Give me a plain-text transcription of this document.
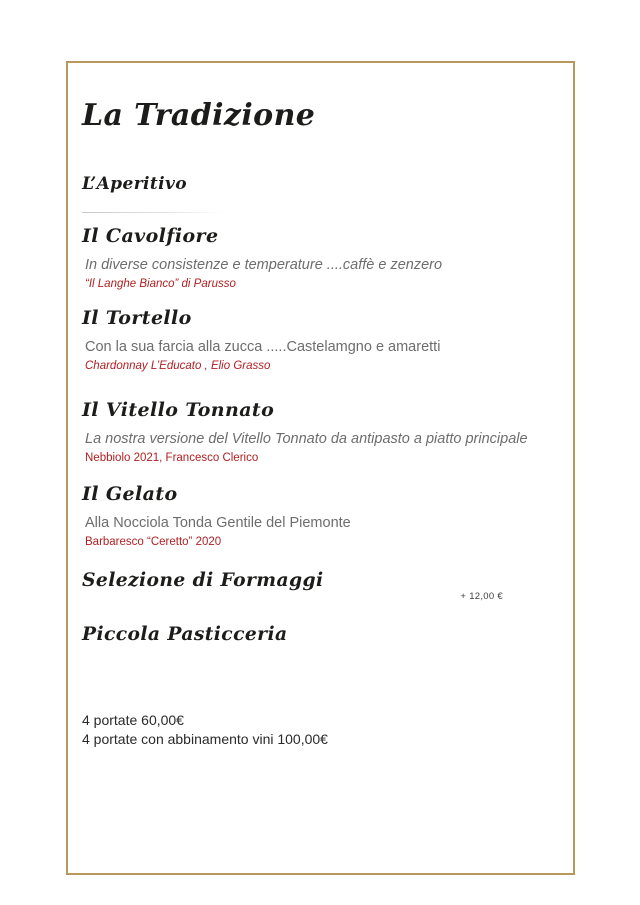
La Tradizione
L’Aperitivo
Il Cavolfiore

In diverse consistenze e temperature ....caffè e zenzero

“Il Langhe Bianco” di Parusso

Il Tortello

Con la sua farcia alla zucca .....Castelamgno e amaretti

Chardonnay L’Educato , Elio Grasso

Il Vitello Tonnato

La nostra versione del Vitello Tonnato da antipasto a piatto principale

Nebbiolo 2021, Francesco Clerico

Il Gelato

Alla Nocciola Tonda Gentile del Piemonte

Barbaresco “Ceretto” 2020

Selezione di Formaggi
+ 12,00 €
Piccola Pasticceria

4 portate 60,00€

4 portate con abbinamento vini 100,00€
